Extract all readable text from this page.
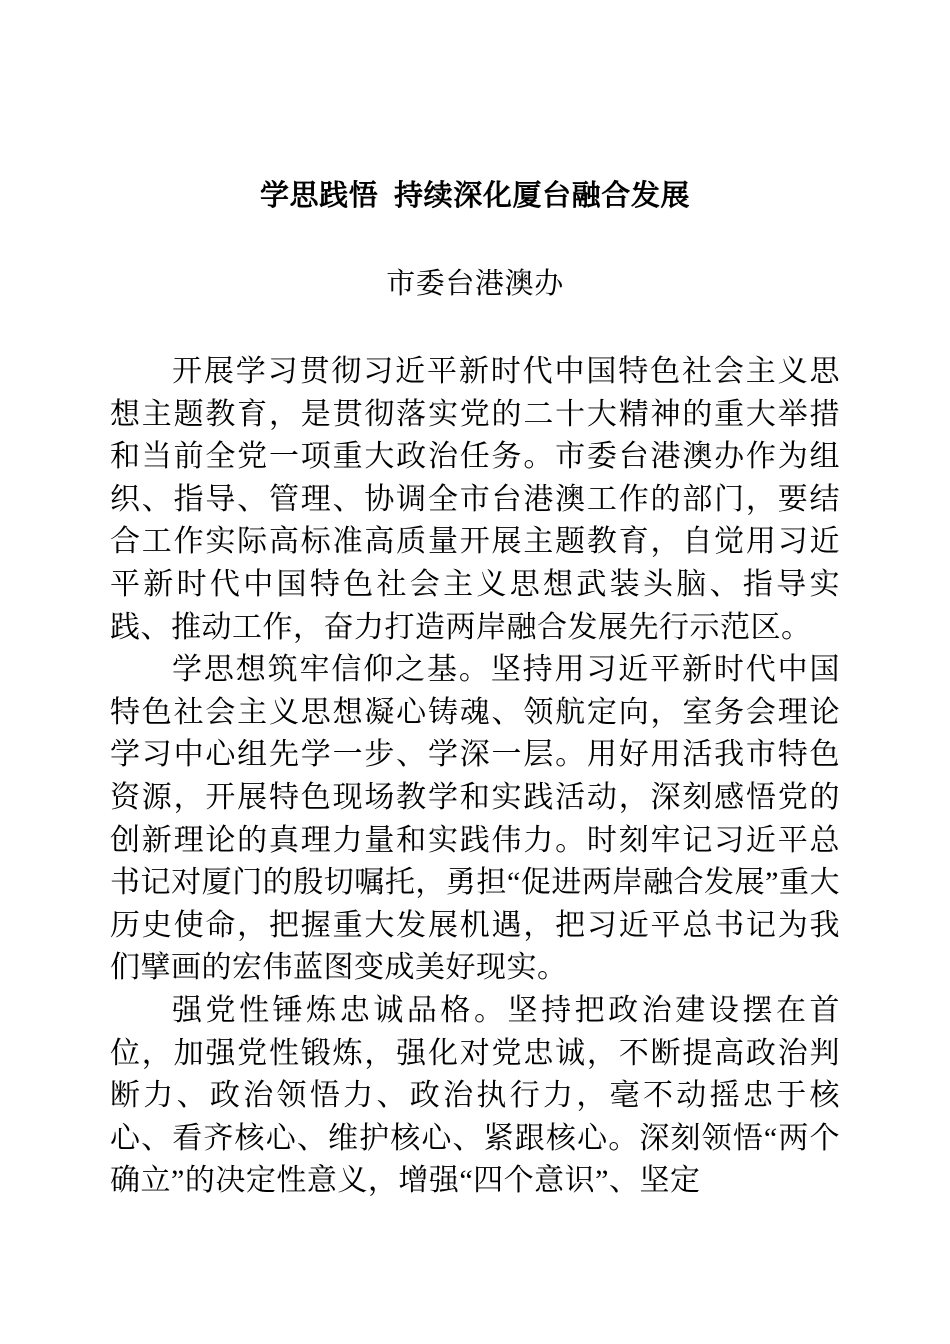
学思践悟  持续深化厦台融合发展
市委台港澳办

开展学习贯彻习近平新时代中国特色社会主义思想主题教育，是贯彻落实党的二十大精神的重大举措和当前全党一项重大政治任务。市委台港澳办作为组织、指导、管理、协调全市台港澳工作的部门，要结合工作实际高标准高质量开展主题教育，自觉用习近平新时代中国特色社会主义思想武装头脑、指导实践、推动工作，奋力打造两岸融合发展先行示范区。

学思想筑牢信仰之基。坚持用习近平新时代中国特色社会主义思想凝心铸魂、领航定向，室务会理论学习中心组先学一步、学深一层。用好用活我市特色资源，开展特色现场教学和实践活动，深刻感悟党的创新理论的真理力量和实践伟力。时刻牢记习近平总书记对厦门的殷切嘱托，勇担“促进两岸融合发展”重大历史使命，把握重大发展机遇，把习近平总书记为我们擘画的宏伟蓝图变成美好现实。

强党性锤炼忠诚品格。坚持把政治建设摆在首位，加强党性锻炼，强化对党忠诚，不断提高政治判断力、政治领悟力、政治执行力，毫不动摇忠于核心、看齐核心、维护核心、紧跟核心。深刻领悟“两个确立”的决定性意义，增强“四个意识”、坚定
